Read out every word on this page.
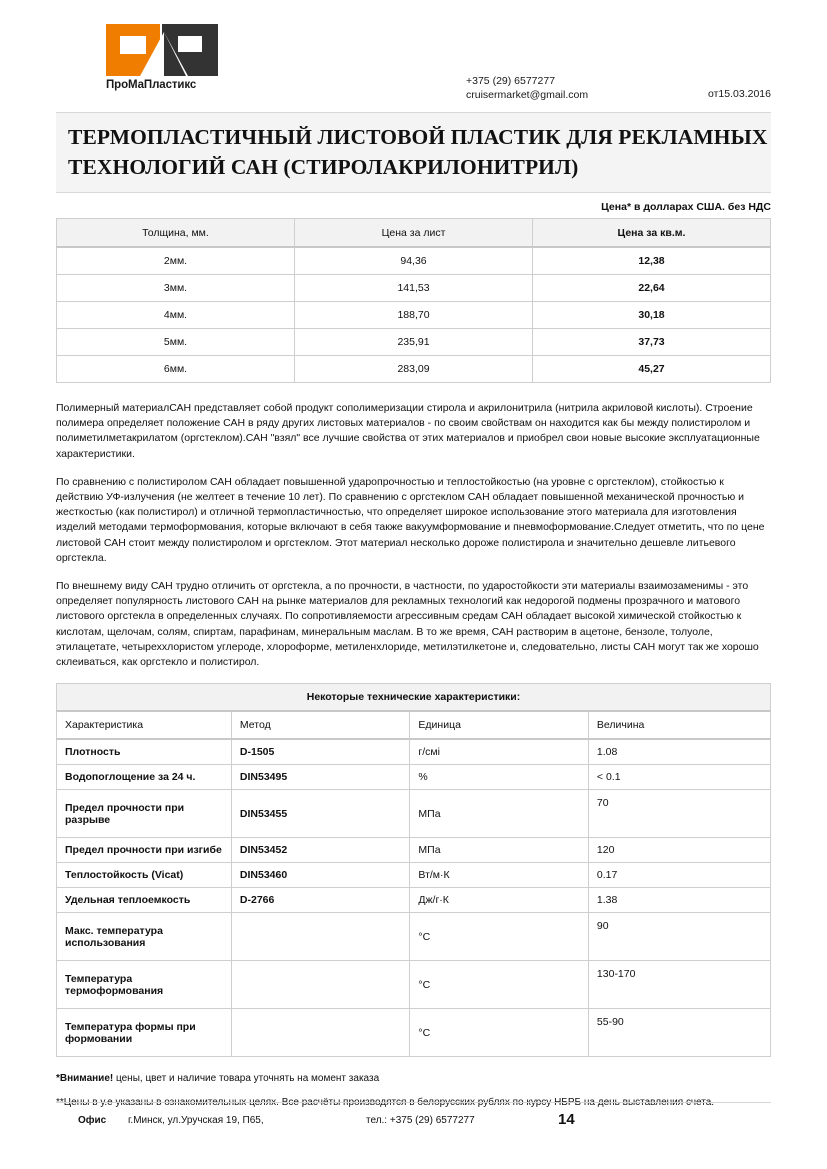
ПроМаПластикс	+375 (29) 6577277
cruisermarket@gmail.com	от15.03.2016
ТЕРМОПЛАСТИЧНЫЙ ЛИСТОВОЙ ПЛАСТИК ДЛЯ РЕКЛАМНЫХ
ТЕХНОЛОГИЙ САН (СТИРОЛАКРИЛОНИТРИЛ)
Цена* в долларах США. без НДС
Толщина, мм.	Цена за лист	Цена за кв.м.
2мм.	94,36	12,38
3мм.	141,53	22,64
4мм.	188,70	30,18
5мм.	235,91	37,73
6мм.	283,09	45,27

Полимерный материалСАН представляет собой продукт сополимеризации стирола и акрилонитрила (нитрила акриловой кислоты). Строение полимера определяет положение САН в ряду других листовых материалов - по своим свойствам он находится как бы между полистиролом и полиметилметакрилатом (оргстеклом).САН "взял" все лучшие свойства от этих материалов и приобрел свои новые высокие эксплуатационные характеристики.

По сравнению с полистиролом САН обладает повышенной ударопрочностью и теплостойкостью (на уровне с оргстеклом), стойкостью к действию УФ-излучения (не желтеет в течение 10 лет). По сравнению с оргстеклом САН обладает повышенной механической прочностью и жесткостью (как полистирол) и отличной термопластичностью, что определяет широкое использование этого материала для изготовления изделий методами термоформования, которые включают в себя также вакуумформование и пневмоформование.Следует отметить, что по цене листовой САН стоит между полистиролом и оргстеклом. Этот материал несколько дороже полистирола и значительно дешевле литьевого оргстекла.

По внешнему виду САН трудно отличить от оргстекла, а по прочности, в частности, по ударостойкости эти материалы взаимозаменимы - это определяет популярность листового САН на рынке материалов для рекламных технологий как недорогой подмены прозрачного и матового листового оргстекла в определенных случаях. По сопротивляемости агрессивным средам САН обладает высокой химической стойкостью к кислотам, щелочам, солям, спиртам, парафинам, минеральным маслам. В то же время, САН растворим в ацетоне, бензоле, толуоле, этилацетате, четыреххлористом углероде, хлороформе, метиленхлориде, метилэтилкетоне и, следовательно, листы САН могут так же хорошо склеиваться, как оргстекло и полистирол.

Некоторые технические характеристики:			
Характеристика	Метод	Единица	Величина
Плотность	D-1505	г/смi	1.08
Водопоглощение за 24 ч.	DIN53495	%	< 0.1
Предел прочности при разрыве	DIN53455	МПа	70
Предел прочности при изгибе	DIN53452	МПа	120
Теплостойкость (Vicat)	DIN53460	Вт/м·К	0.17
Удельная теплоемкость	D-2766	Дж/г·К	1.38
Макс. температура использования		°C	90
Температура термоформования		°C	130-170
Температура формы при формовании		°C	55-90
*Внимание! цены, цвет и наличие товара уточнять на момент заказа
**Цены в у.е указаны в ознакомительных целях. Все расчёты производятся в белорусских рублях по курсу НБРБ на день выставления счета.
Офис г.Минск, ул.Уручская 19, П65,	тел.: +375 (29) 6577277	14
